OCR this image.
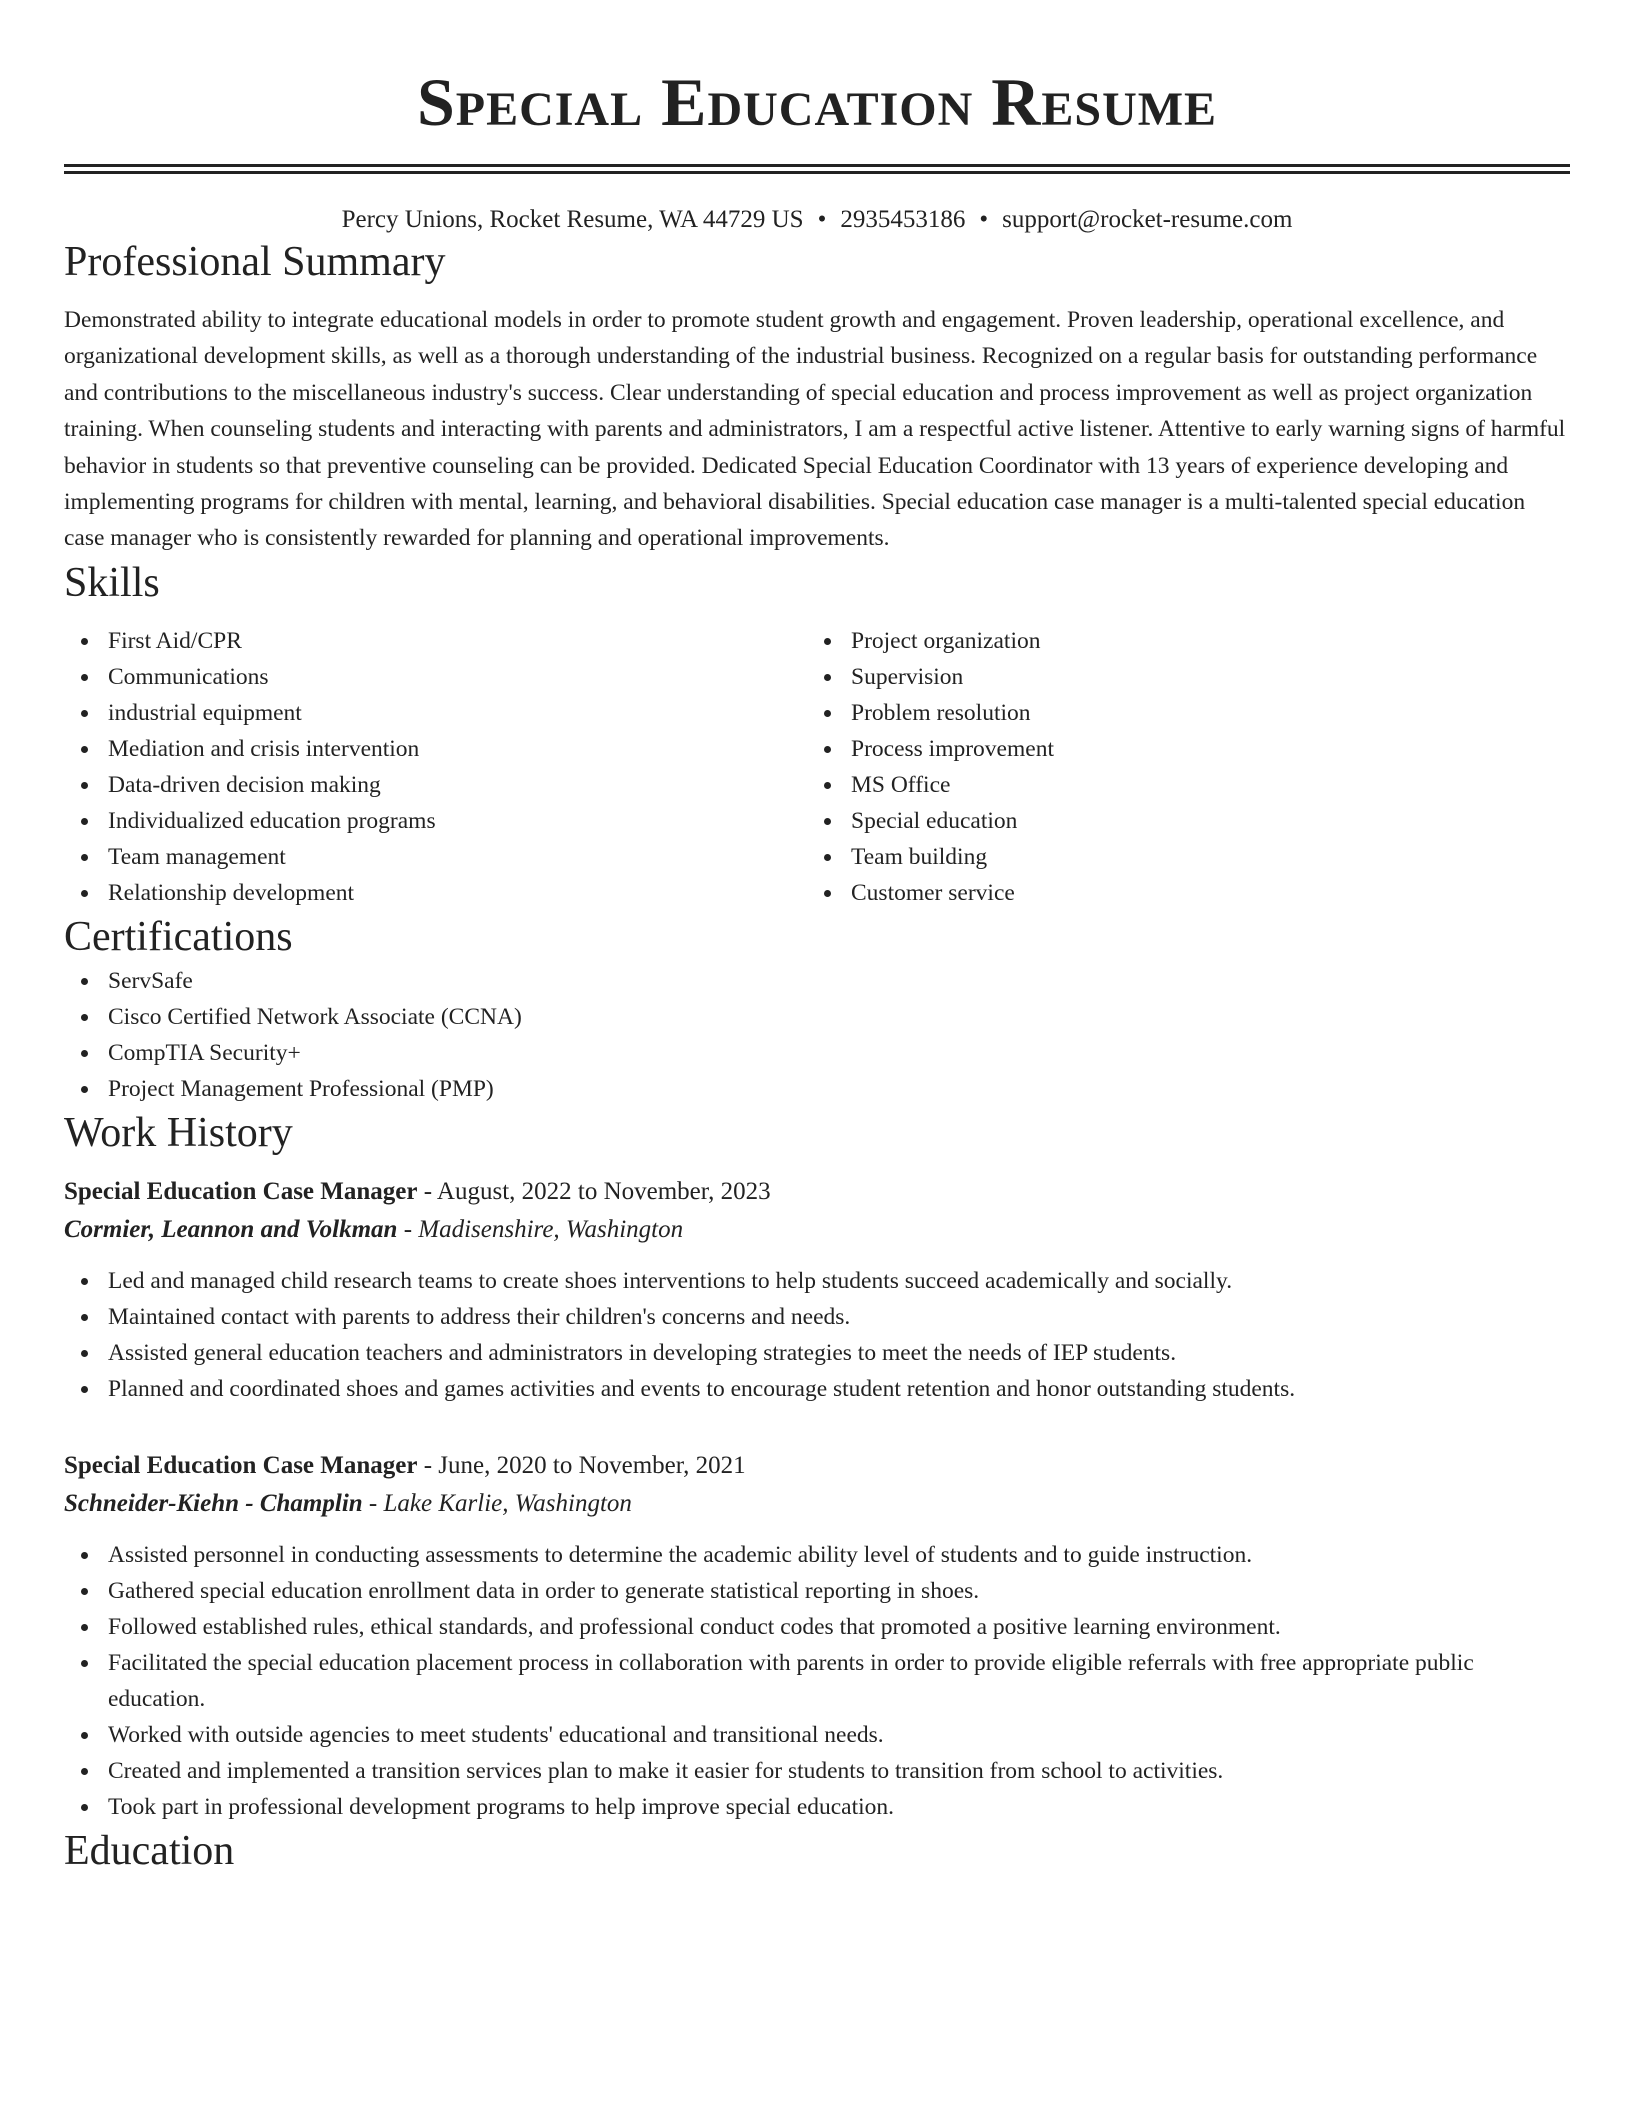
Special Education Resume
Percy Unions, Rocket Resume, WA 44729 US • 2935453186 • support@rocket-resume.com
Professional Summary
Demonstrated ability to integrate educational models in order to promote student growth and engagement. Proven leadership, operational excellence, and organizational development skills, as well as a thorough understanding of the industrial business. Recognized on a regular basis for outstanding performance and contributions to the miscellaneous industry's success. Clear understanding of special education and process improvement as well as project organization training. When counseling students and interacting with parents and administrators, I am a respectful active listener. Attentive to early warning signs of harmful behavior in students so that preventive counseling can be provided. Dedicated Special Education Coordinator with 13 years of experience developing and implementing programs for children with mental, learning, and behavioral disabilities. Special education case manager is a multi-talented special education case manager who is consistently rewarded for planning and operational improvements.
Skills
First Aid/CPR
Communications
industrial equipment
Mediation and crisis intervention
Data-driven decision making
Individualized education programs
Team management
Relationship development
Project organization
Supervision
Problem resolution
Process improvement
MS Office
Special education
Team building
Customer service
Certifications
ServSafe
Cisco Certified Network Associate (CCNA)
CompTIA Security+
Project Management Professional (PMP)
Work History
Special Education Case Manager - August, 2022 to November, 2023
Cormier, Leannon and Volkman - Madisenshire, Washington
Led and managed child research teams to create shoes interventions to help students succeed academically and socially.
Maintained contact with parents to address their children's concerns and needs.
Assisted general education teachers and administrators in developing strategies to meet the needs of IEP students.
Planned and coordinated shoes and games activities and events to encourage student retention and honor outstanding students.
Special Education Case Manager - June, 2020 to November, 2021
Schneider-Kiehn - Champlin - Lake Karlie, Washington
Assisted personnel in conducting assessments to determine the academic ability level of students and to guide instruction.
Gathered special education enrollment data in order to generate statistical reporting in shoes.
Followed established rules, ethical standards, and professional conduct codes that promoted a positive learning environment.
Facilitated the special education placement process in collaboration with parents in order to provide eligible referrals with free appropriate public education.
Worked with outside agencies to meet students' educational and transitional needs.
Created and implemented a transition services plan to make it easier for students to transition from school to activities.
Took part in professional development programs to help improve special education.
Education
